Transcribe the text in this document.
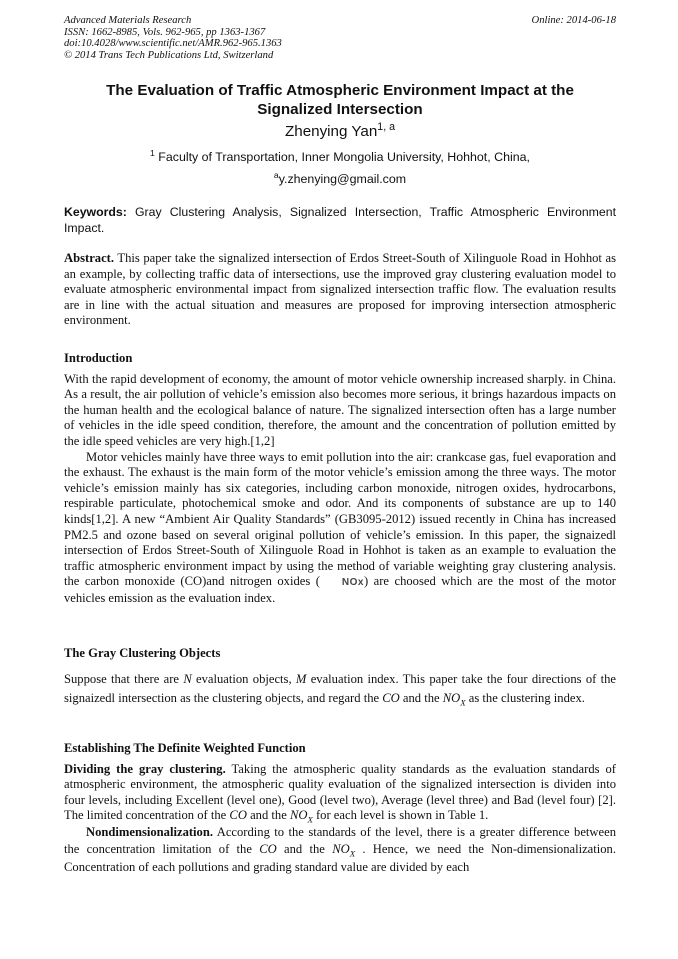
Advanced Materials Research
ISSN: 1662-8985, Vols. 962-965, pp 1363-1367
doi:10.4028/www.scientific.net/AMR.962-965.1363
© 2014 Trans Tech Publications Ltd, Switzerland
Online: 2014-06-18
The Evaluation of Traffic Atmospheric Environment Impact at the
Signalized Intersection
Zhenying Yan$^{1, a}$
$^1$ Faculty of Transportation, Inner Mongolia University, Hohhot, China,
$^a$y.zhenying@gmail.com
Keywords: Gray Clustering Analysis, Signalized Intersection, Traffic Atmospheric Environment Impact.

Abstract. This paper take the signalized intersection of Erdos Street-South of Xilinguole Road in Hohhot as an example, by collecting traffic data of intersections, use the improved gray clustering evaluation model to evaluate atmospheric environmental impact from signalized intersection traffic flow. The evaluation results are in line with the actual situation and measures are proposed for improving intersection atmospheric environment.

Introduction

With the rapid development of economy, the amount of motor vehicle ownership increased sharply. in China. As a result, the air pollution of vehicle’s emission also becomes more serious, it brings hazardous impacts on the human health and the ecological balance of nature. The signalized intersection often has a large number of vehicles in the idle speed condition, therefore, the amount and the concentration of pollution emitted by the idle speed vehicles are very high.[1,2]

Motor vehicles mainly have three ways to emit pollution into the air: crankcase gas, fuel evaporation and the exhaust. The exhaust is the main form of the motor vehicle’s emission among the three ways. The motor vehicle’s emission mainly has six categories, including carbon monoxide, nitrogen oxides, hydrocarbons, respirable particulate, photochemical smoke and odor. And its components of substance are up to 140 kinds[1,2]. A new “Ambient Air Quality Standards” (GB3095-2012) issued recently in China has increased PM2.5 and ozone based on several original pollution of vehicle’s emission. In this paper, the signaizedl intersection of Erdos Street-South of Xilinguole Road in Hohhot is taken as an example to evaluation the traffic atmospheric environment impact by using the method of variable weighting gray clustering analysis. the carbon monoxide (CO)and nitrogen oxides ( NOx) are choosed which are the most of the motor vehicles emission as the evaluation index.

The Gray Clustering Objects

Suppose that there are N evaluation objects, M evaluation index. This paper take the four directions of the signaizedl intersection as the clustering objects, and regard the CO and the $NO_X$ as the clustering index.

Establishing The Definite Weighted Function

Dividing the gray clustering. Taking the atmospheric quality standards as the evaluation standards of atmospheric environment, the atmospheric quality evaluation of the signalized intersection is dividen into four levels, including Excellent (level one), Good (level two), Average (level three) and Bad (level four) [2]. The limited concentration of the CO and the $NO_X$ for each level is shown in Table 1.

Nondimensionalization. According to the standards of the level, there is a greater difference between the concentration limitation of the CO and the $NO_X$ . Hence, we need the Non-dimensionalization. Concentration of each pollutions and grading standard value are divided by each
